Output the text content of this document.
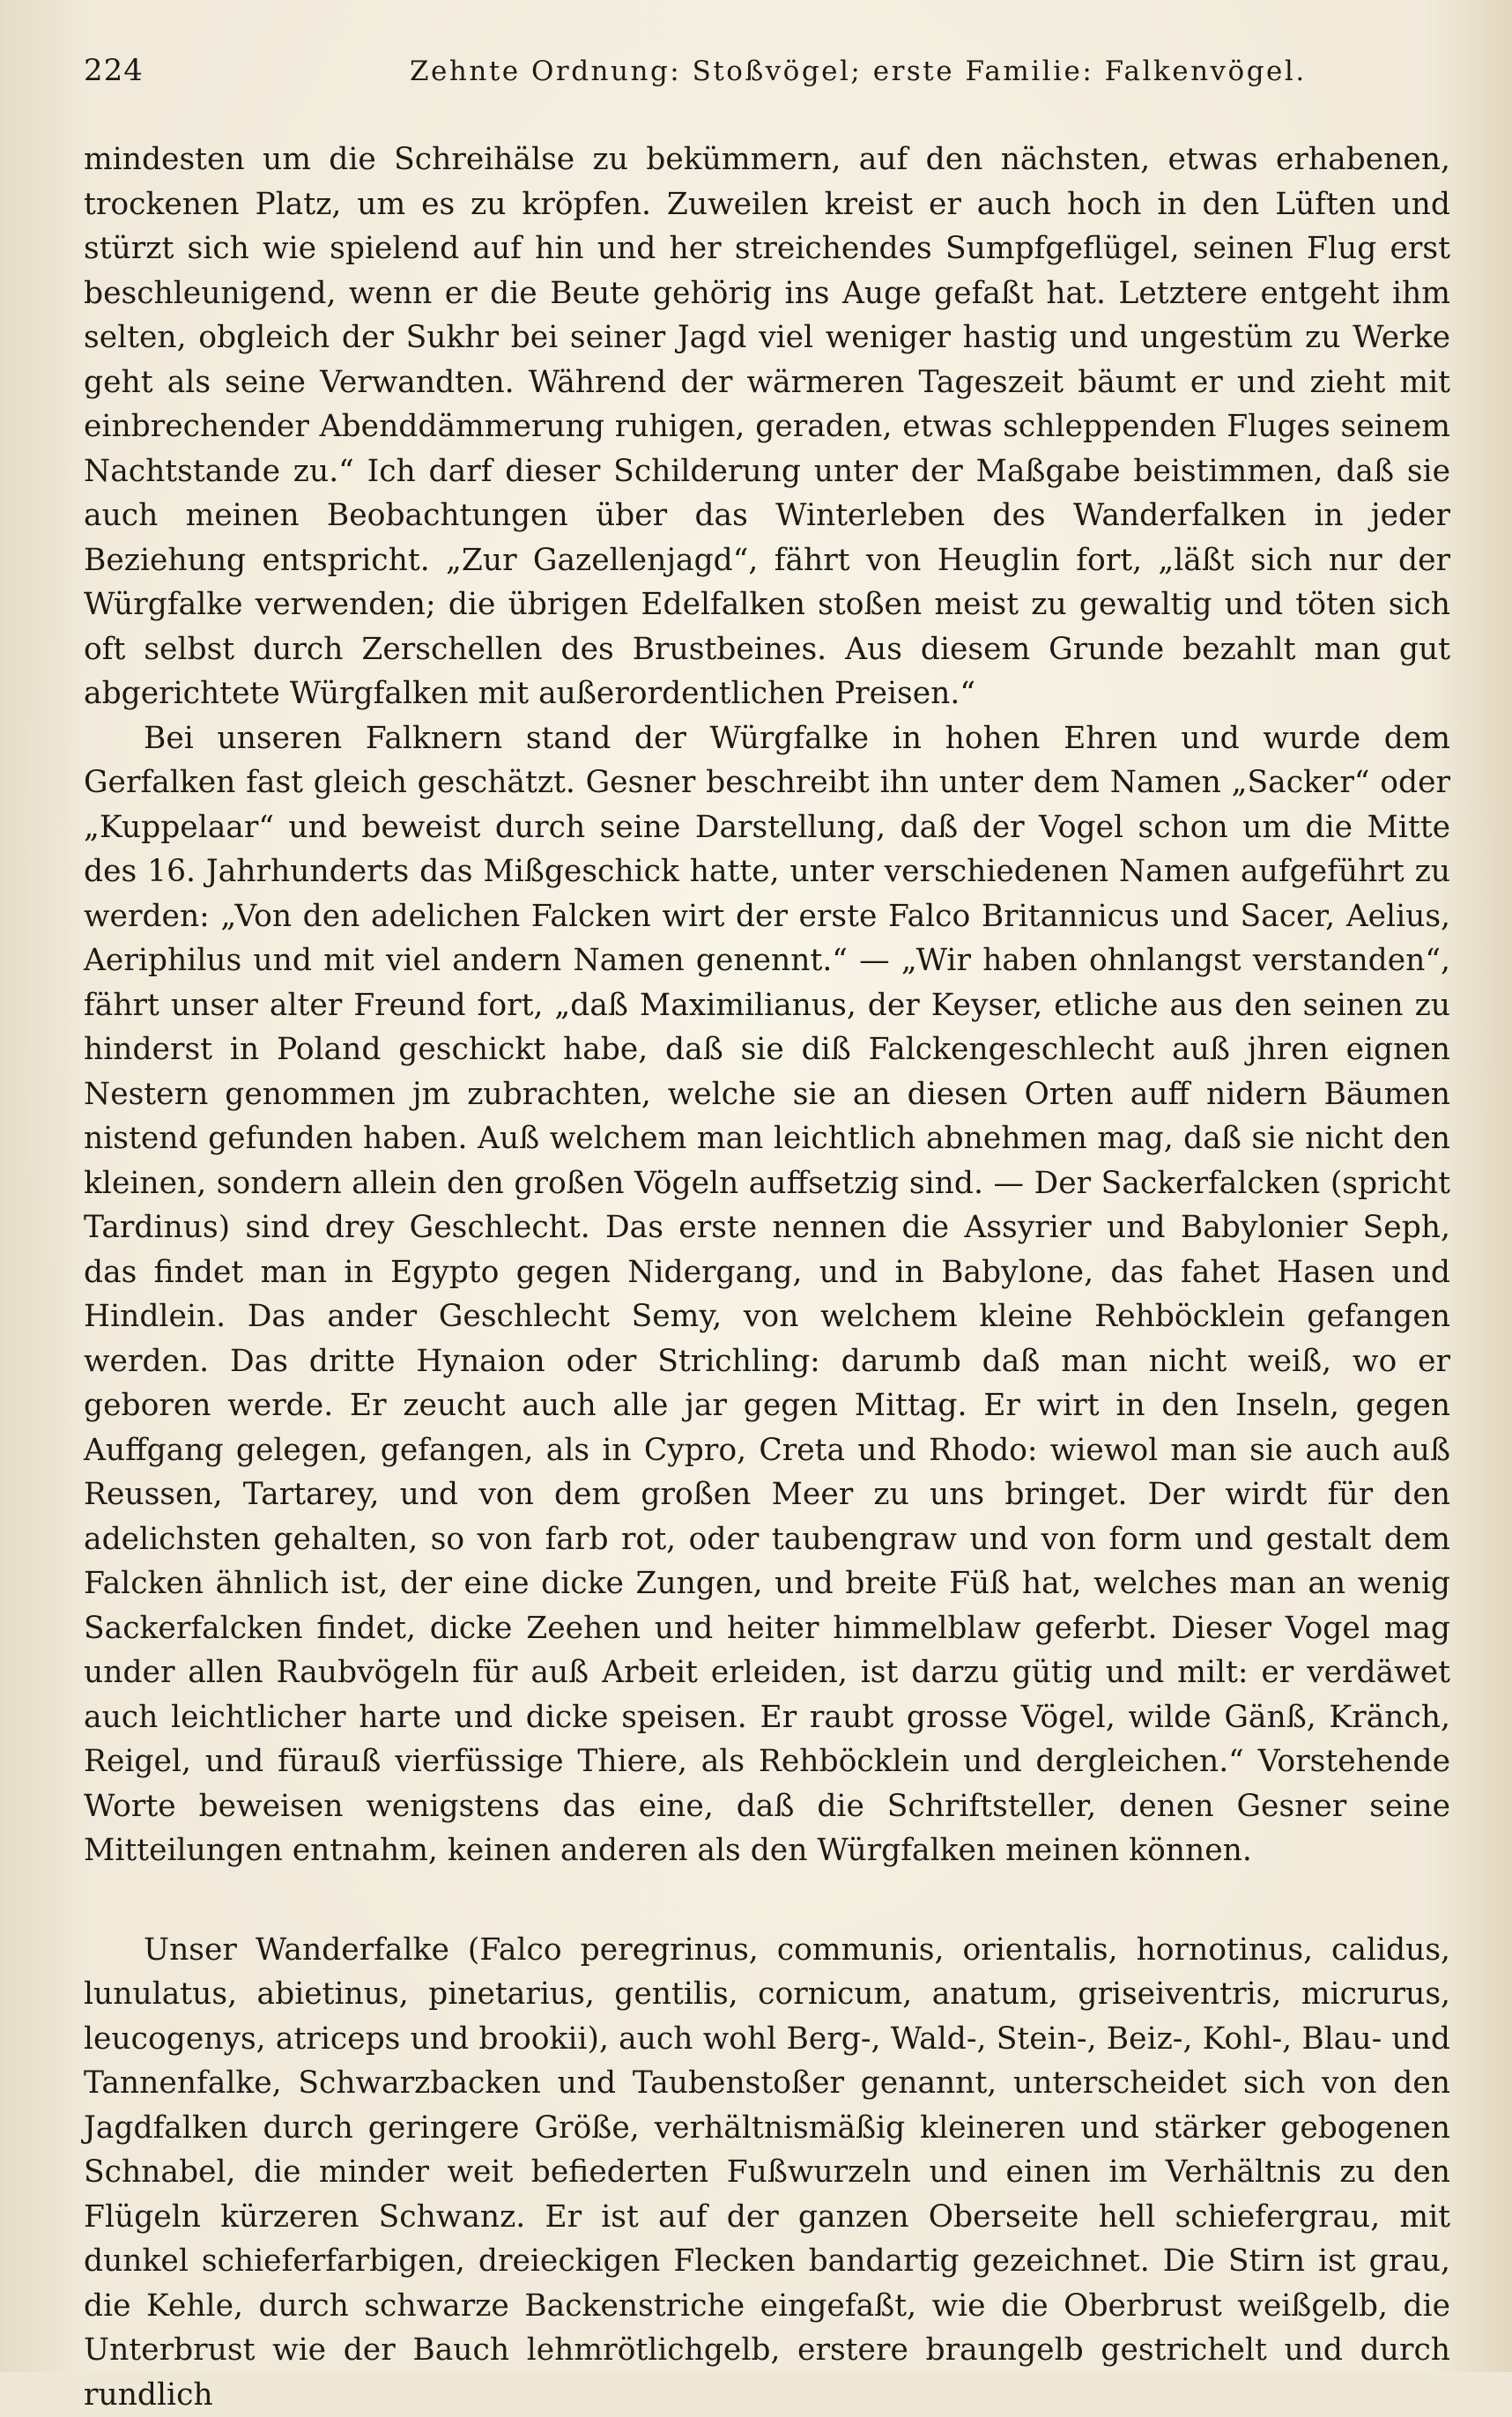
224	Zehnte Ordnung: Stoßvögel; erste Familie: Falkenvögel.

mindesten um die Schreihälse zu bekümmern, auf den nächsten, etwas erhabenen, trockenen Platz, um es zu kröpfen. Zuweilen kreist er auch hoch in den Lüften und stürzt sich wie spielend auf hin und her streichendes Sumpfgeflügel, seinen Flug erst beschleunigend, wenn er die Beute gehörig ins Auge gefaßt hat. Letztere entgeht ihm selten, obgleich der Sukhr bei seiner Jagd viel weniger hastig und ungestüm zu Werke geht als seine Verwandten. Während der wärmeren Tageszeit bäumt er und zieht mit einbrechender Abenddämmerung ruhigen, geraden, etwas schleppenden Fluges seinem Nachtstande zu.“ Ich darf dieser Schilderung unter der Maßgabe beistimmen, daß sie auch meinen Beobachtungen über das Winterleben des Wanderfalken in jeder Beziehung entspricht. „Zur Gazellenjagd“, fährt von Heuglin fort, „läßt sich nur der Würgfalke verwenden; die übrigen Edelfalken stoßen meist zu gewaltig und töten sich oft selbst durch Zerschellen des Brustbeines. Aus diesem Grunde bezahlt man gut abgerichtete Würgfalken mit außerordentlichen Preisen.“

Bei unseren Falknern stand der Würgfalke in hohen Ehren und wurde dem Gerfalken fast gleich geschätzt. Gesner beschreibt ihn unter dem Namen „Sacker“ oder „Kuppelaar“ und beweist durch seine Darstellung, daß der Vogel schon um die Mitte des 16. Jahrhunderts das Mißgeschick hatte, unter verschiedenen Namen aufgeführt zu werden: „Von den adelichen Falcken wirt der erste Falco Britannicus und Sacer, Aelius, Aeriphilus und mit viel andern Namen genennt.“ — „Wir haben ohnlangst verstanden“, fährt unser alter Freund fort, „daß Maximilianus, der Keyser, etliche aus den seinen zu hinderst in Poland geschickt habe, daß sie diß Falckengeschlecht auß jhren eignen Nestern genommen jm zubrachten, welche sie an diesen Orten auff nidern Bäumen nistend gefunden haben. Auß welchem man leichtlich abnehmen mag, daß sie nicht den kleinen, sondern allein den großen Vögeln auffsetzig sind. — Der Sackerfalcken (spricht Tardinus) sind drey Geschlecht. Das erste nennen die Assyrier und Babylonier Seph, das findet man in Egypto gegen Nidergang, und in Babylone, das fahet Hasen und Hindlein. Das ander Geschlecht Semy, von welchem kleine Rehböcklein gefangen werden. Das dritte Hynaion oder Strichling: darumb daß man nicht weiß, wo er geboren werde. Er zeucht auch alle jar gegen Mittag. Er wirt in den Inseln, gegen Auffgang gelegen, gefangen, als in Cypro, Creta und Rhodo: wiewol man sie auch auß Reussen, Tartarey, und von dem großen Meer zu uns bringet. Der wirdt für den adelichsten gehalten, so von farb rot, oder taubengraw und von form und gestalt dem Falcken ähnlich ist, der eine dicke Zungen, und breite Füß hat, welches man an wenig Sackerfalcken findet, dicke Zeehen und heiter himmelblaw geferbt. Dieser Vogel mag under allen Raubvögeln für auß Arbeit erleiden, ist darzu gütig und milt: er verdäwet auch leichtlicher harte und dicke speisen. Er raubt grosse Vögel, wilde Gänß, Kränch, Reigel, und fürauß vierfüssige Thiere, als Rehböcklein und dergleichen.“ Vorstehende Worte beweisen wenigstens das eine, daß die Schriftsteller, denen Gesner seine Mitteilungen entnahm, keinen anderen als den Würgfalken meinen können.

Unser Wanderfalke (Falco peregrinus, communis, orientalis, hornotinus, calidus, lunulatus, abietinus, pinetarius, gentilis, cornicum, anatum, griseiventris, micrurus, leucogenys, atriceps und brookii), auch wohl Berg-, Wald-, Stein-, Beiz-, Kohl-, Blau- und Tannenfalke, Schwarzbacken und Taubenstoßer genannt, unterscheidet sich von den Jagdfalken durch geringere Größe, verhältnismäßig kleineren und stärker gebogenen Schnabel, die minder weit befiederten Fußwurzeln und einen im Verhältnis zu den Flügeln kürzeren Schwanz. Er ist auf der ganzen Oberseite hell schiefergrau, mit dunkel schieferfarbigen, dreieckigen Flecken bandartig gezeichnet. Die Stirn ist grau, die Kehle, durch schwarze Backenstriche eingefaßt, wie die Oberbrust weißgelb, die Unterbrust wie der Bauch lehmrötlichgelb, erstere braungelb gestrichelt und durch rundlich
